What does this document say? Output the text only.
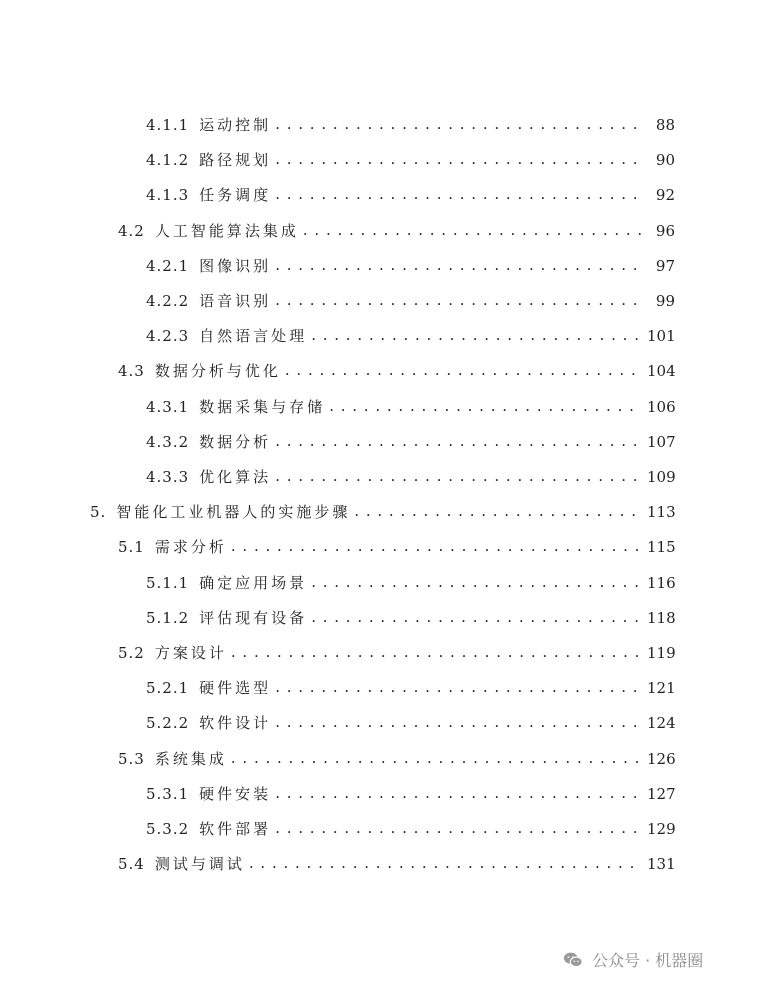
4.1.1 运动控制 . . .	88
4.1.2 路径规划 . . .	90
4.1.3 任务调度 . . .	92
4.2 人工智能算法集成 . . .	96
4.2.1 图像识别 . . .	97
4.2.2 语音识别 . . .	99
4.2.3 自然语言处理 . . .	101
4.3 数据分析与优化 . . .	104
4.3.1 数据采集与存储 . . .	106
4.3.2 数据分析 . . .	107
4.3.3 优化算法 . . .	109
5. 智能化工业机器人的实施步骤 . . .	113
5.1 需求分析 . . .	115
5.1.1 确定应用场景 . . .	116
5.1.2 评估现有设备 . . .	118
5.2 方案设计 . . .	119
5.2.1 硬件选型 . . .	121
5.2.2 软件设计 . . .	124
5.3 系统集成 . . .	126
5.3.1 硬件安装 . . .	127
5.3.2 软件部署 . . .	129
5.4 测试与调试 . . .	131
公众号 · 机器圈
